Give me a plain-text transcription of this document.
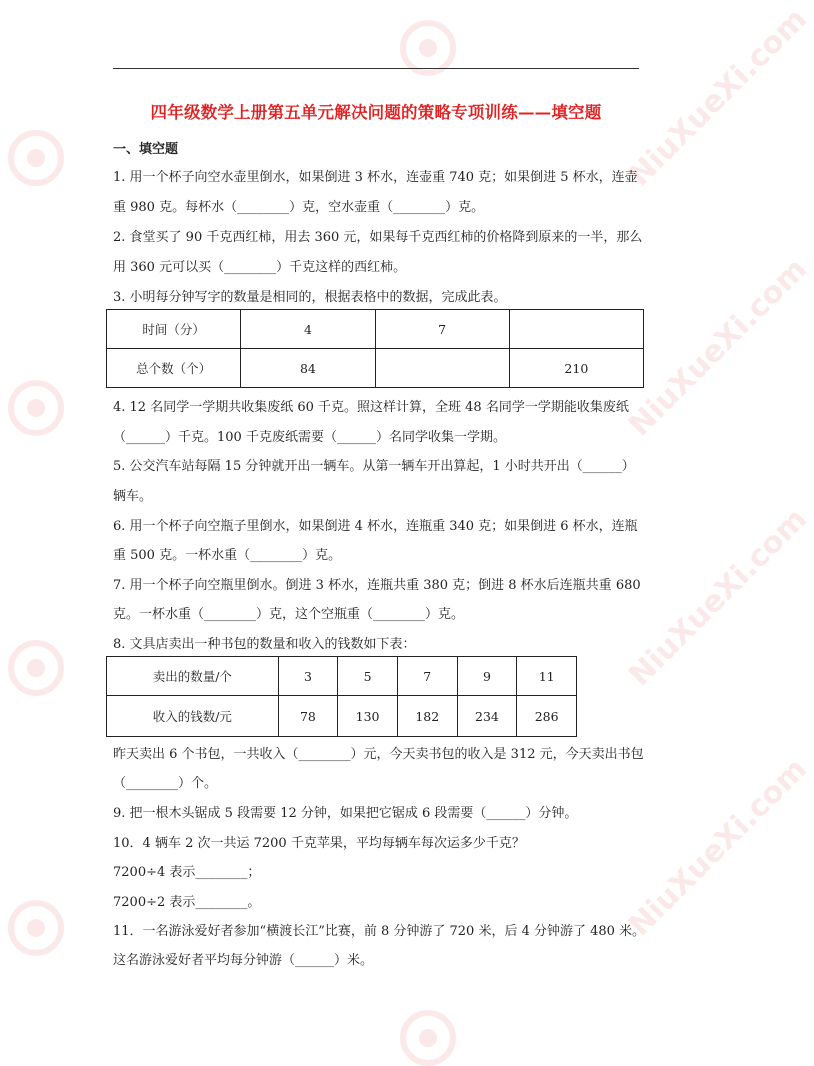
NiuXueXi.com
NiuXueXi.com
NiuXueXi.com
NiuXueXi.com
四年级数学上册第五单元解决问题的策略专项训练——填空题
一、填空题
1. 用一个杯子向空水壶里倒水，如果倒进 3 杯水，连壶重 740 克；如果倒进 5 杯水，连壶
重 980 克。每杯水（________）克，空水壶重（________）克。
2. 食堂买了 90 千克西红柿，用去 360 元，如果每千克西红柿的价格降到原来的一半，那么
用 360 元可以买（________）千克这样的西红柿。
3. 小明每分钟写字的数量是相同的，根据表格中的数据，完成此表。
时间（分）	4	7	
总个数（个）	84		210
4. 12 名同学一学期共收集废纸 60 千克。照这样计算，全班 48 名同学一学期能收集废纸
（______）千克。100 千克废纸需要（______）名同学收集一学期。
5. 公交汽车站每隔 15 分钟就开出一辆车。从第一辆车开出算起，1 小时共开出（______）
辆车。
6. 用一个杯子向空瓶子里倒水，如果倒进 4 杯水，连瓶重 340 克；如果倒进 6 杯水，连瓶
重 500 克。一杯水重（________）克。
7. 用一个杯子向空瓶里倒水。倒进 3 杯水，连瓶共重 380 克；倒进 8 杯水后连瓶共重 680
克。一杯水重（________）克，这个空瓶重（________）克。
8. 文具店卖出一种书包的数量和收入的钱数如下表：
卖出的数量/个	3	5	7	9	11
收入的钱数/元	78	130	182	234	286
昨天卖出 6 个书包，一共收入（________）元，今天卖书包的收入是 312 元，今天卖出书包
（________）个。
9. 把一根木头锯成 5 段需要 12 分钟，如果把它锯成 6 段需要（______）分钟。
10．4 辆车 2 次一共运 7200 千克苹果，平均每辆车每次运多少千克？
7200÷4 表示________；
7200÷2 表示________。
11．一名游泳爱好者参加“横渡长江”比赛，前 8 分钟游了 720 米，后 4 分钟游了 480 米。
这名游泳爱好者平均每分钟游（______）米。
